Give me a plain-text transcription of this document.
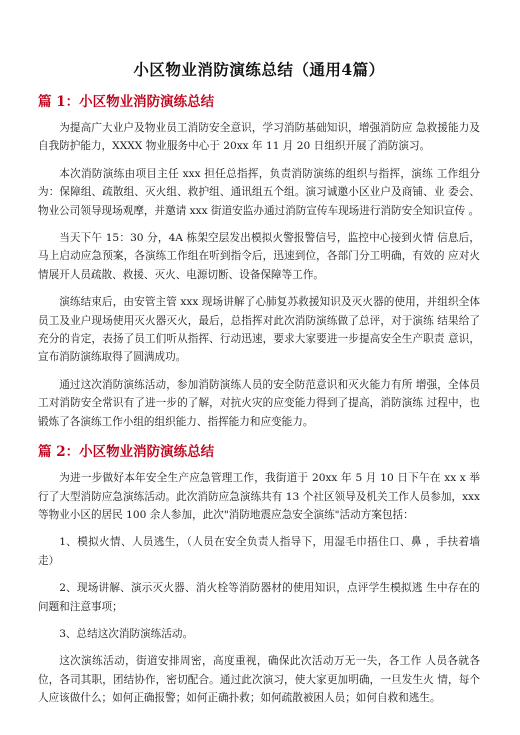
小区物业消防演练总结（通用4篇）
篇 1：小区物业消防演练总结

为提高广大业户及物业员工消防安全意识，学习消防基础知识，增强消防应 急救援能力及自我防护能力，XXXX 物业服务中心于 20xx 年 11 月 20 日组织开展了消防演习。

本次消防演练由项目主任 xxx 担任总指挥，负责消防演练的组织与指挥，演练 工作组分为：保障组、疏散组、灭火组、救护组、通讯组五个组。演习诚邀小区业户及商铺、业 委会、物业公司领导现场观摩，并邀请 xxx 街道安监办通过消防宣传车现场进行消防安全知识宣传 。

当天下午 15：30 分，4A 栋架空层发出模拟火警报警信号，监控中心接到火情 信息后，马上启动应急预案，各演练工作组在听到指令后，迅速到位，各部门分工明确，有效的 应对火情展开人员疏散、救援、灭火、电源切断、设备保障等工作。

演练结束后，由安管主管 xxx 现场讲解了心肺复苏救援知识及灭火器的使用，并组织全体员工及业户现场使用灭火器灭火，最后，总指挥对此次消防演练做了总评，对于演练 结果给了充分的肯定，表扬了员工们听从指挥、行动迅速，要求大家要进一步提高安全生产职责 意识，宣布消防演练取得了圆满成功。

通过这次消防演练活动，参加消防演练人员的安全防范意识和灭火能力有所 增强，全体员工对消防安全常识有了进一步的了解，对抗火灾的应变能力得到了提高，消防演练 过程中，也锻炼了各演练工作小组的组织能力、指挥能力和应变能力。

篇 2：小区物业消防演练总结

为进一步做好本年安全生产应急管理工作，我街道于 20xx 年 5 月 10 日下午在 xx x 举行了大型消防应急演练活动。此次消防应急演练共有 13 个社区领导及机关工作人员参加，xxx 等物业小区的居民 100 余人参加，此次"消防地震应急安全演练"活动方案包括：

1、模拟火情、人员逃生，（人员在安全负责人指导下，用湿毛巾捂住口、鼻 ，手扶着墙走）

2、现场讲解、演示灭火器、消火栓等消防器材的使用知识，点评学生模拟逃 生中存在的问题和注意事项；

3、总结这次消防演练活动。

这次演练活动，街道安排周密，高度重视，确保此次活动万无一失，各工作 人员各就各位，各司其职，团结协作，密切配合。通过此次演习，使大家更加明确，一旦发生火 情，每个人应该做什么；如何正确报警；如何正确扑救；如何疏散被困人员；如何自救和逃生。
